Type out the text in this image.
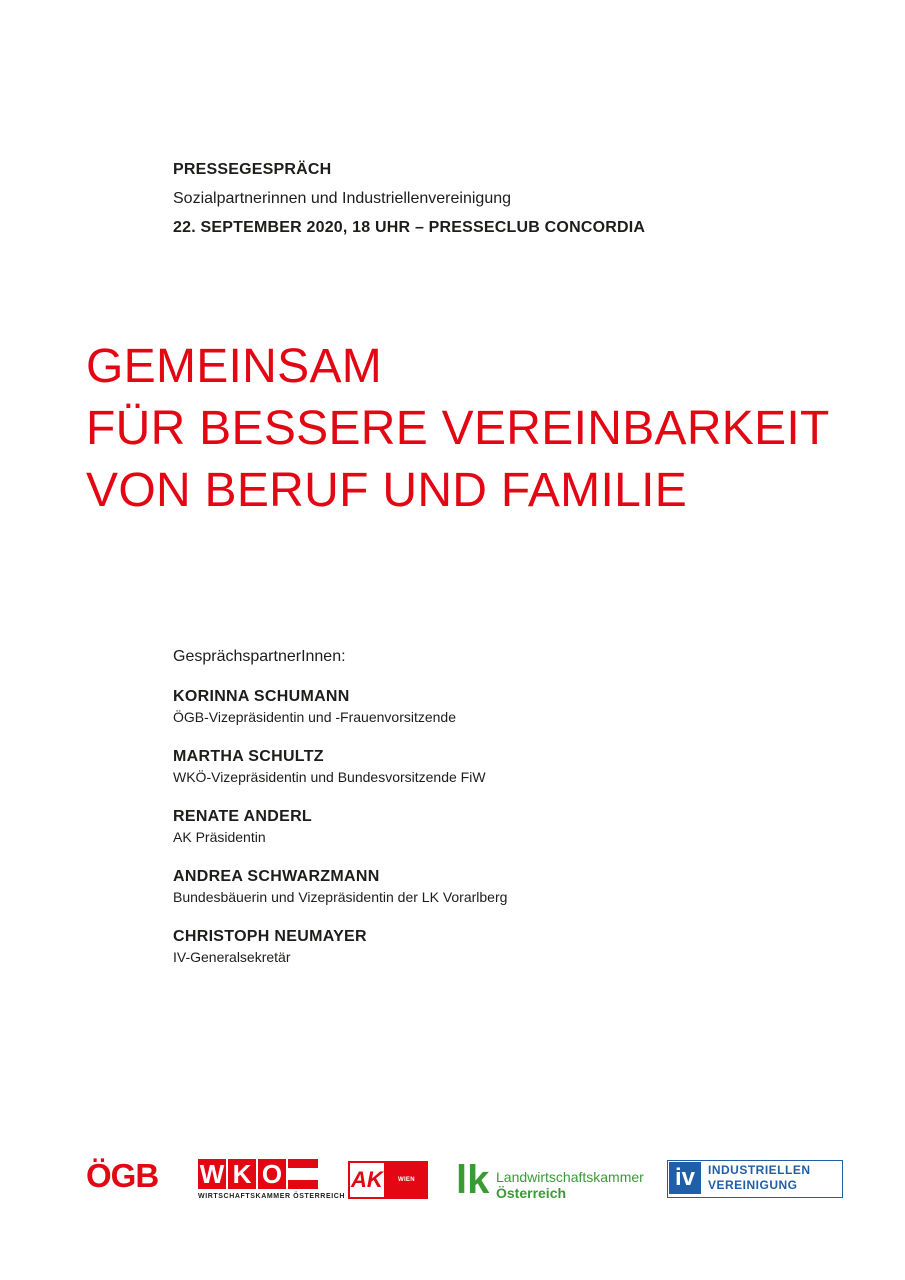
PRESSEGESPRÄCH
Sozialpartnerinnen und Industriellenvereinigung
22. SEPTEMBER 2020, 18 UHR – PRESSECLUB CONCORDIA
GEMEINSAM
FÜR BESSERE VEREINBARKEIT
VON BERUF UND FAMILIE
GesprächspartnerInnen:
KORINNA SCHUMANN
ÖGB-Vizepräsidentin und -Frauenvorsitzende
MARTHA SCHULTZ
WKÖ-Vizepräsidentin und Bundesvorsitzende FiW
RENATE ANDERL
AK Präsidentin
ANDREA SCHWARZMANN
Bundesbäuerin und Vizepräsidentin der LK Vorarlberg
CHRISTOPH NEUMAYER
IV-Generalsekretär
ÖGB	W K O
WIRTSCHAFTSKAMMER ÖSTERREICH
AK	WIEN	lk Landwirtschaftskammer
Österreich
iv	INDUSTRIELLEN
VEREINIGUNG
